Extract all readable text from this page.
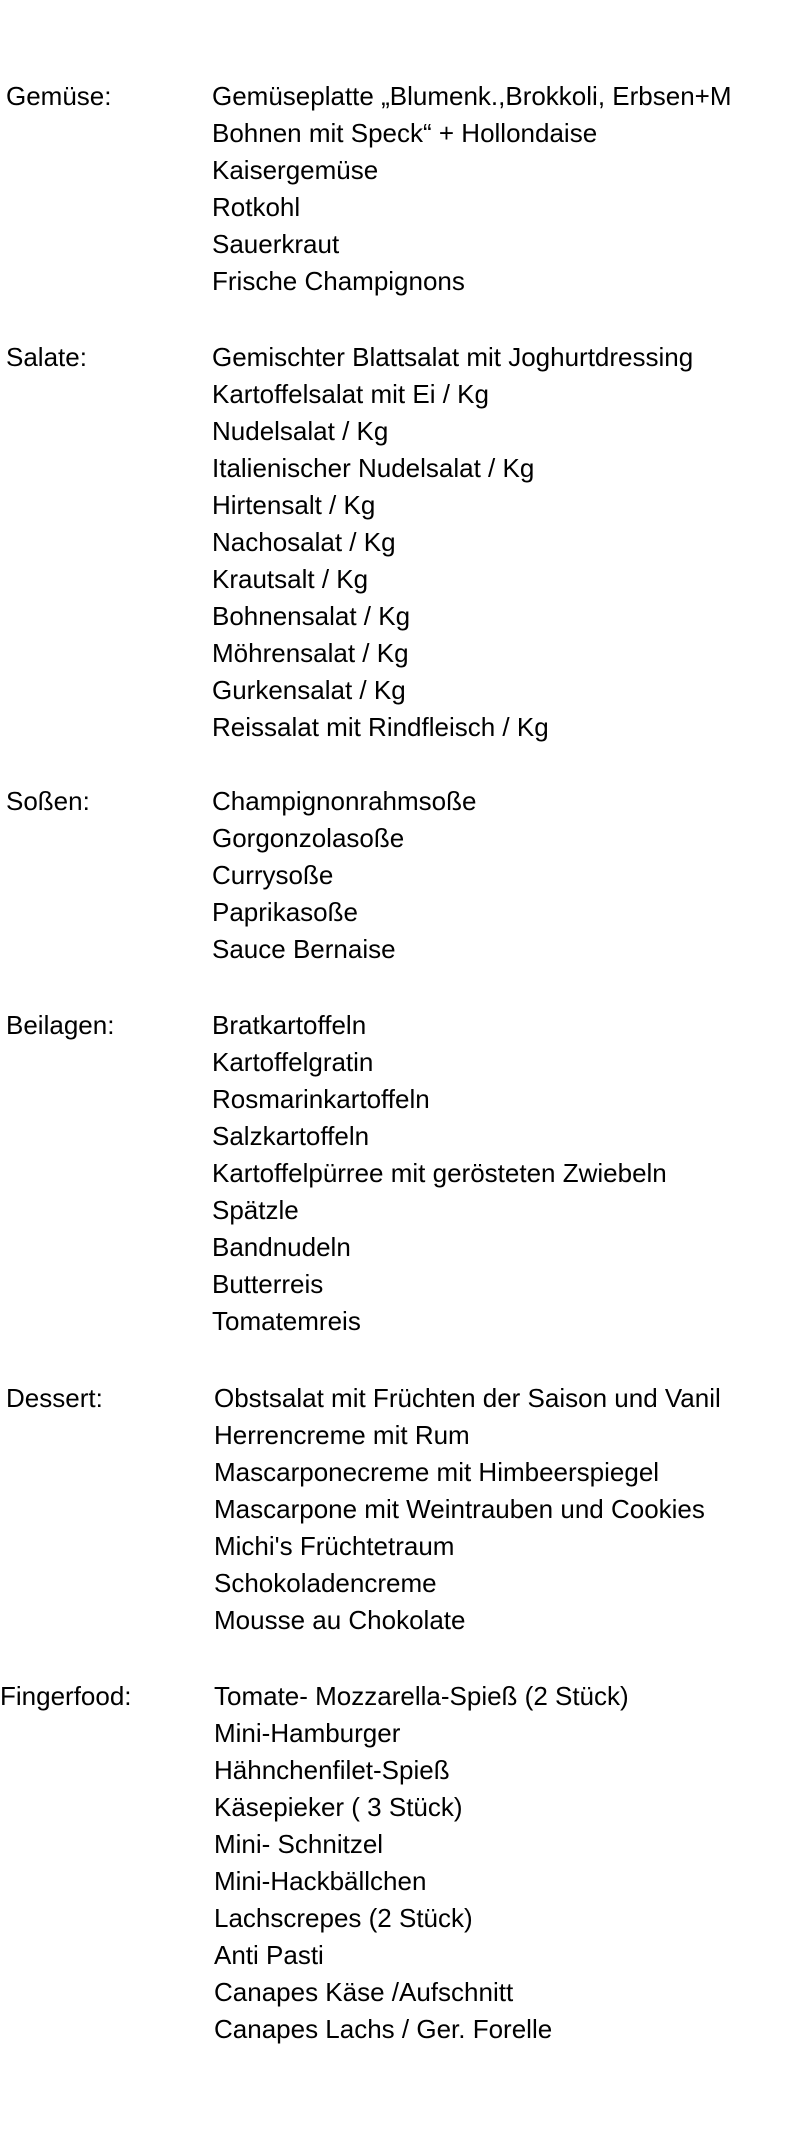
Gemüse:	Gemüseplatte „Blumenk.,Brokkoli, Erbsen+M
Bohnen mit Speck“ + Hollondaise
Kaisergemüse
Rotkohl
Sauerkraut
Frische Champignons
Salate:	Gemischter Blattsalat mit Joghurtdressing
Kartoffelsalat mit Ei / Kg
Nudelsalat / Kg
Italienischer Nudelsalat / Kg
Hirtensalt / Kg
Nachosalat / Kg
Krautsalt / Kg
Bohnensalat / Kg
Möhrensalat / Kg
Gurkensalat / Kg
Reissalat mit Rindfleisch / Kg
Soßen:	Champignonrahmsoße
Gorgonzolasoße
Currysoße
Paprikasoße
Sauce Bernaise
Beilagen:	Bratkartoffeln
Kartoffelgratin
Rosmarinkartoffeln
Salzkartoffeln
Kartoffelpürree mit gerösteten Zwiebeln
Spätzle
Bandnudeln
Butterreis
Tomatemreis
Dessert:	Obstsalat mit Früchten der Saison und Vanil
Herrencreme mit Rum
Mascarponecreme mit Himbeerspiegel
Mascarpone mit Weintrauben und Cookies
Michi's Früchtetraum
Schokoladencreme
Mousse au Chokolate
Fingerfood:	Tomate- Mozzarella-Spieß (2 Stück)
Mini-Hamburger
Hähnchenfilet-Spieß
Käsepieker ( 3 Stück)
Mini- Schnitzel
Mini-Hackbällchen
Lachscrepes (2 Stück)
Anti Pasti
Canapes Käse /Aufschnitt
Canapes Lachs / Ger. Forelle
